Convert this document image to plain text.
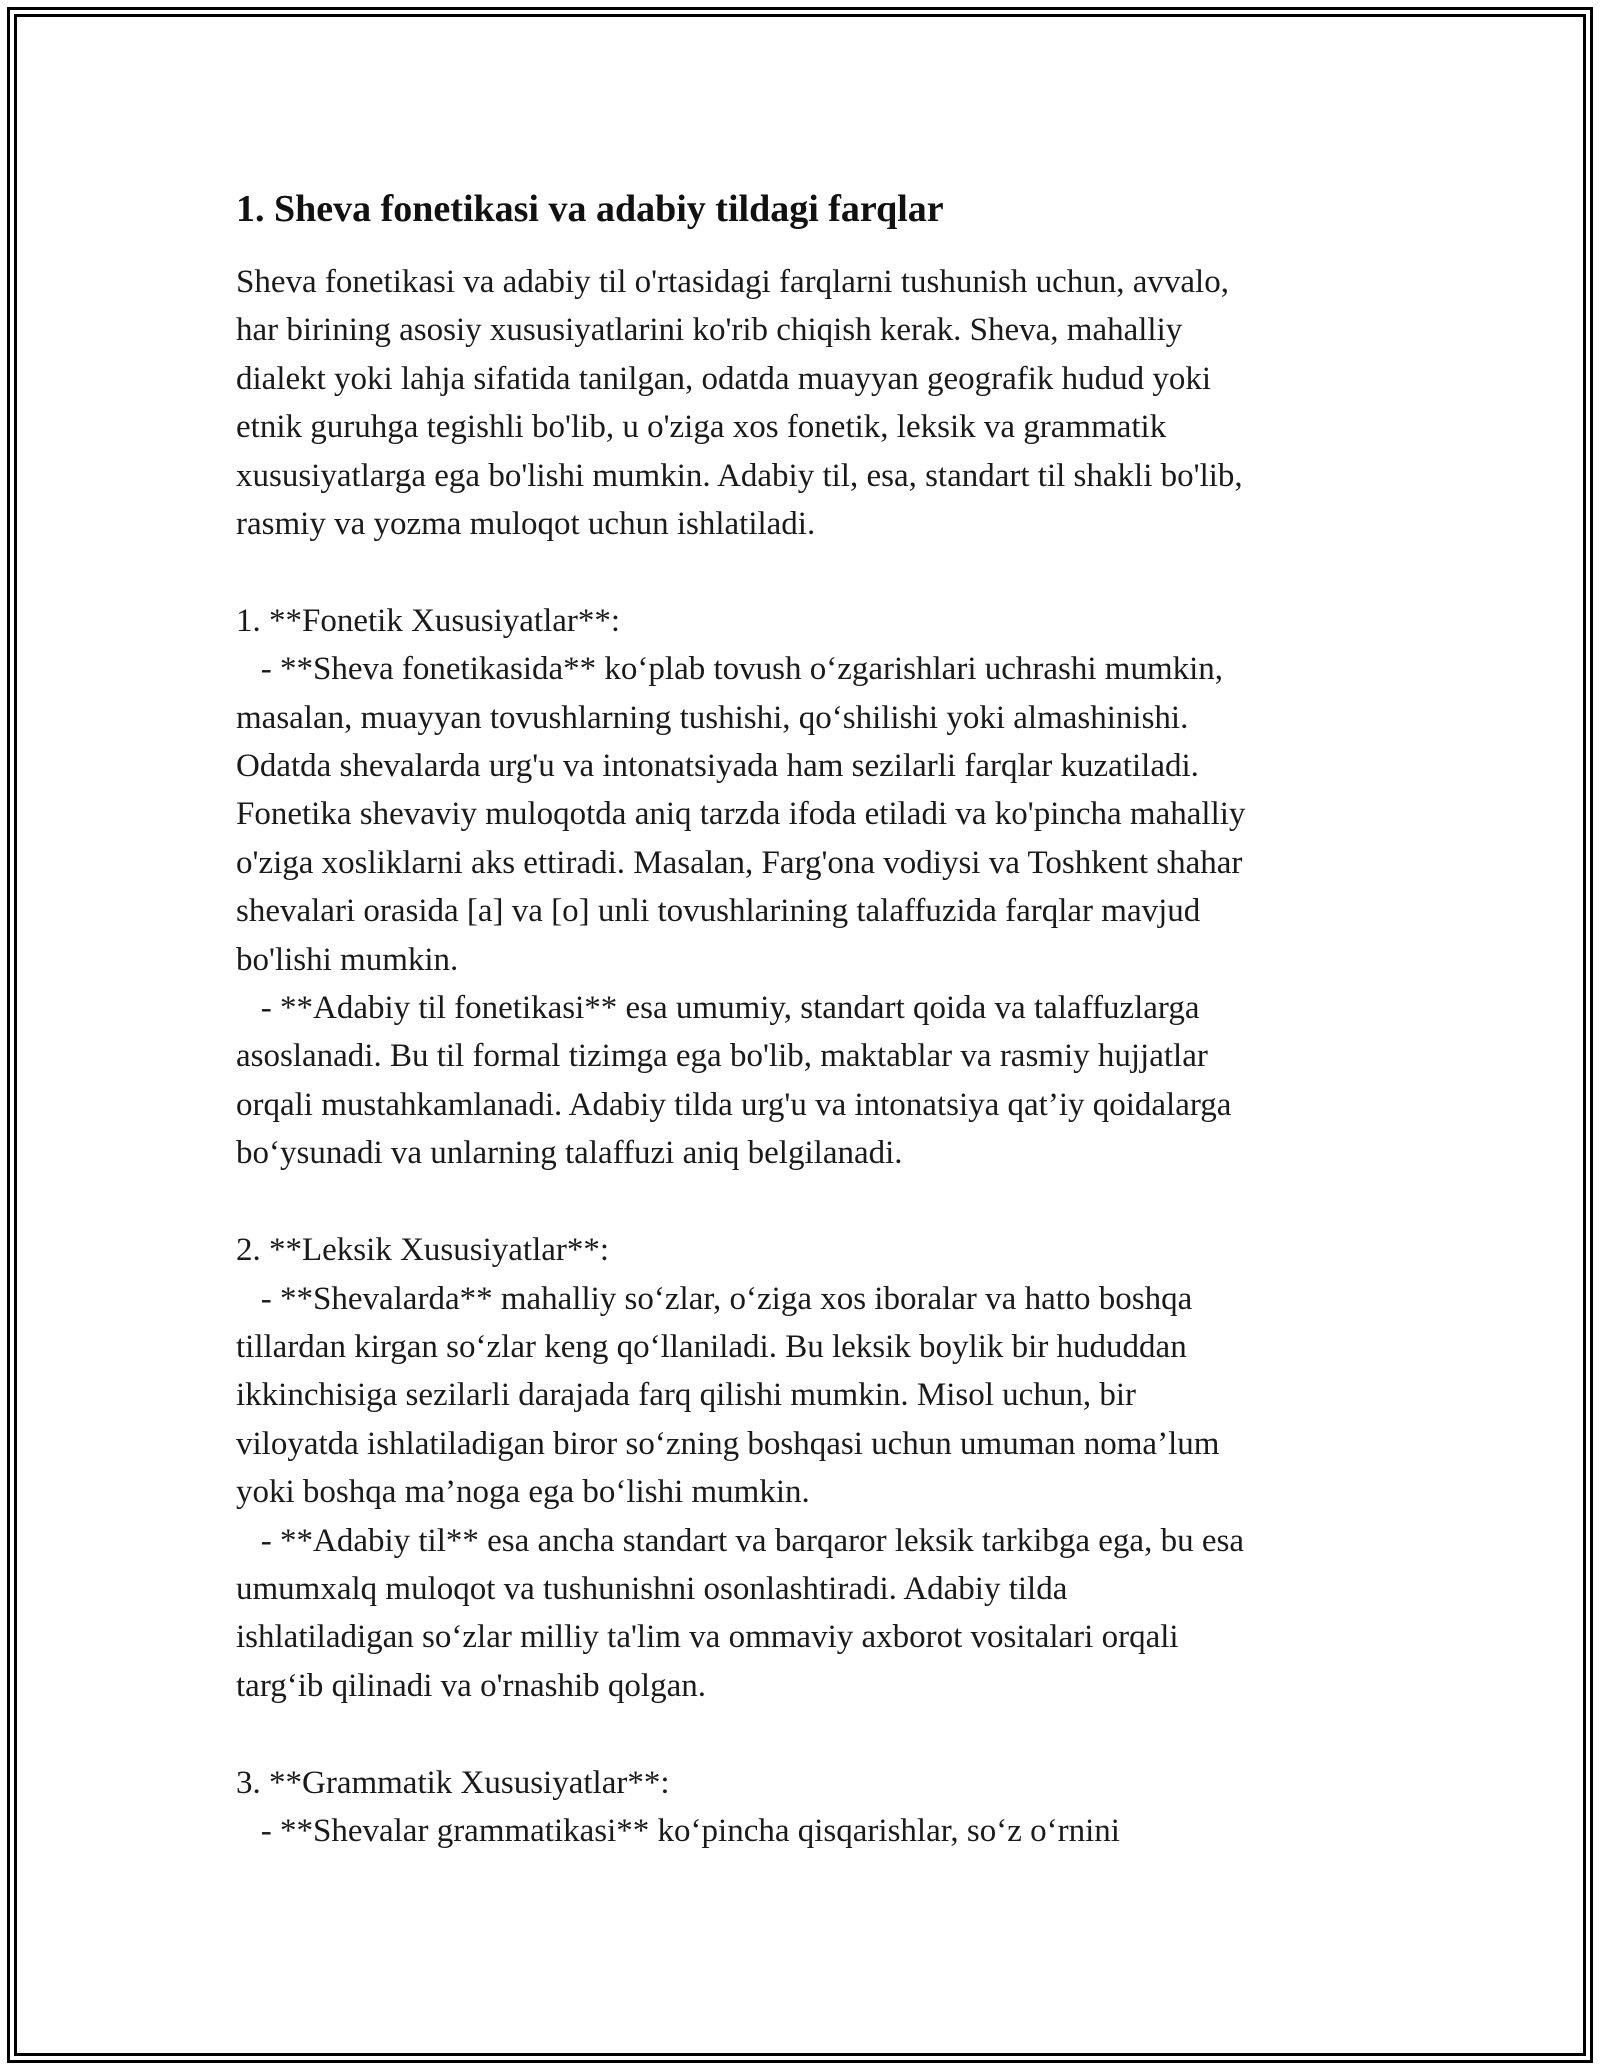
1. Sheva fonetikasi va adabiy tildagi farqlar

Sheva fonetikasi va adabiy til o'rtasidagi farqlarni tushunish uchun, avvalo,
har birining asosiy xususiyatlarini ko'rib chiqish kerak. Sheva, mahalliy
dialekt yoki lahja sifatida tanilgan, odatda muayyan geografik hudud yoki
etnik guruhga tegishli bo'lib, u o'ziga xos fonetik, leksik va grammatik
xususiyatlarga ega bo'lishi mumkin. Adabiy til, esa, standart til shakli bo'lib,
rasmiy va yozma muloqot uchun ishlatiladi.

1. **Fonetik Xususiyatlar**:

- **Sheva fonetikasida** ko‘plab tovush o‘zgarishlari uchrashi mumkin,
masalan, muayyan tovushlarning tushishi, qo‘shilishi yoki almashinishi.
Odatda shevalarda urg'u va intonatsiyada ham sezilarli farqlar kuzatiladi.
Fonetika shevaviy muloqotda aniq tarzda ifoda etiladi va ko'pincha mahalliy
o'ziga xosliklarni aks ettiradi. Masalan, Farg'ona vodiysi va Toshkent shahar
shevalari orasida [a] va [o] unli tovushlarining talaffuzida farqlar mavjud
bo'lishi mumkin.

- **Adabiy til fonetikasi** esa umumiy, standart qoida va talaffuzlarga
asoslanadi. Bu til formal tizimga ega bo'lib, maktablar va rasmiy hujjatlar
orqali mustahkamlanadi. Adabiy tilda urg'u va intonatsiya qat’iy qoidalarga
bo‘ysunadi va unlarning talaffuzi aniq belgilanadi.

2. **Leksik Xususiyatlar**:

- **Shevalarda** mahalliy so‘zlar, o‘ziga xos iboralar va hatto boshqa
tillardan kirgan so‘zlar keng qo‘llaniladi. Bu leksik boylik bir hududdan
ikkinchisiga sezilarli darajada farq qilishi mumkin. Misol uchun, bir
viloyatda ishlatiladigan biror so‘zning boshqasi uchun umuman noma’lum
yoki boshqa ma’noga ega bo‘lishi mumkin.

- **Adabiy til** esa ancha standart va barqaror leksik tarkibga ega, bu esa
umumxalq muloqot va tushunishni osonlashtiradi. Adabiy tilda
ishlatiladigan so‘zlar milliy ta'lim va ommaviy axborot vositalari orqali
targ‘ib qilinadi va o'rnashib qolgan.

3. **Grammatik Xususiyatlar**:

- **Shevalar grammatikasi** ko‘pincha qisqarishlar, so‘z o‘rnini
